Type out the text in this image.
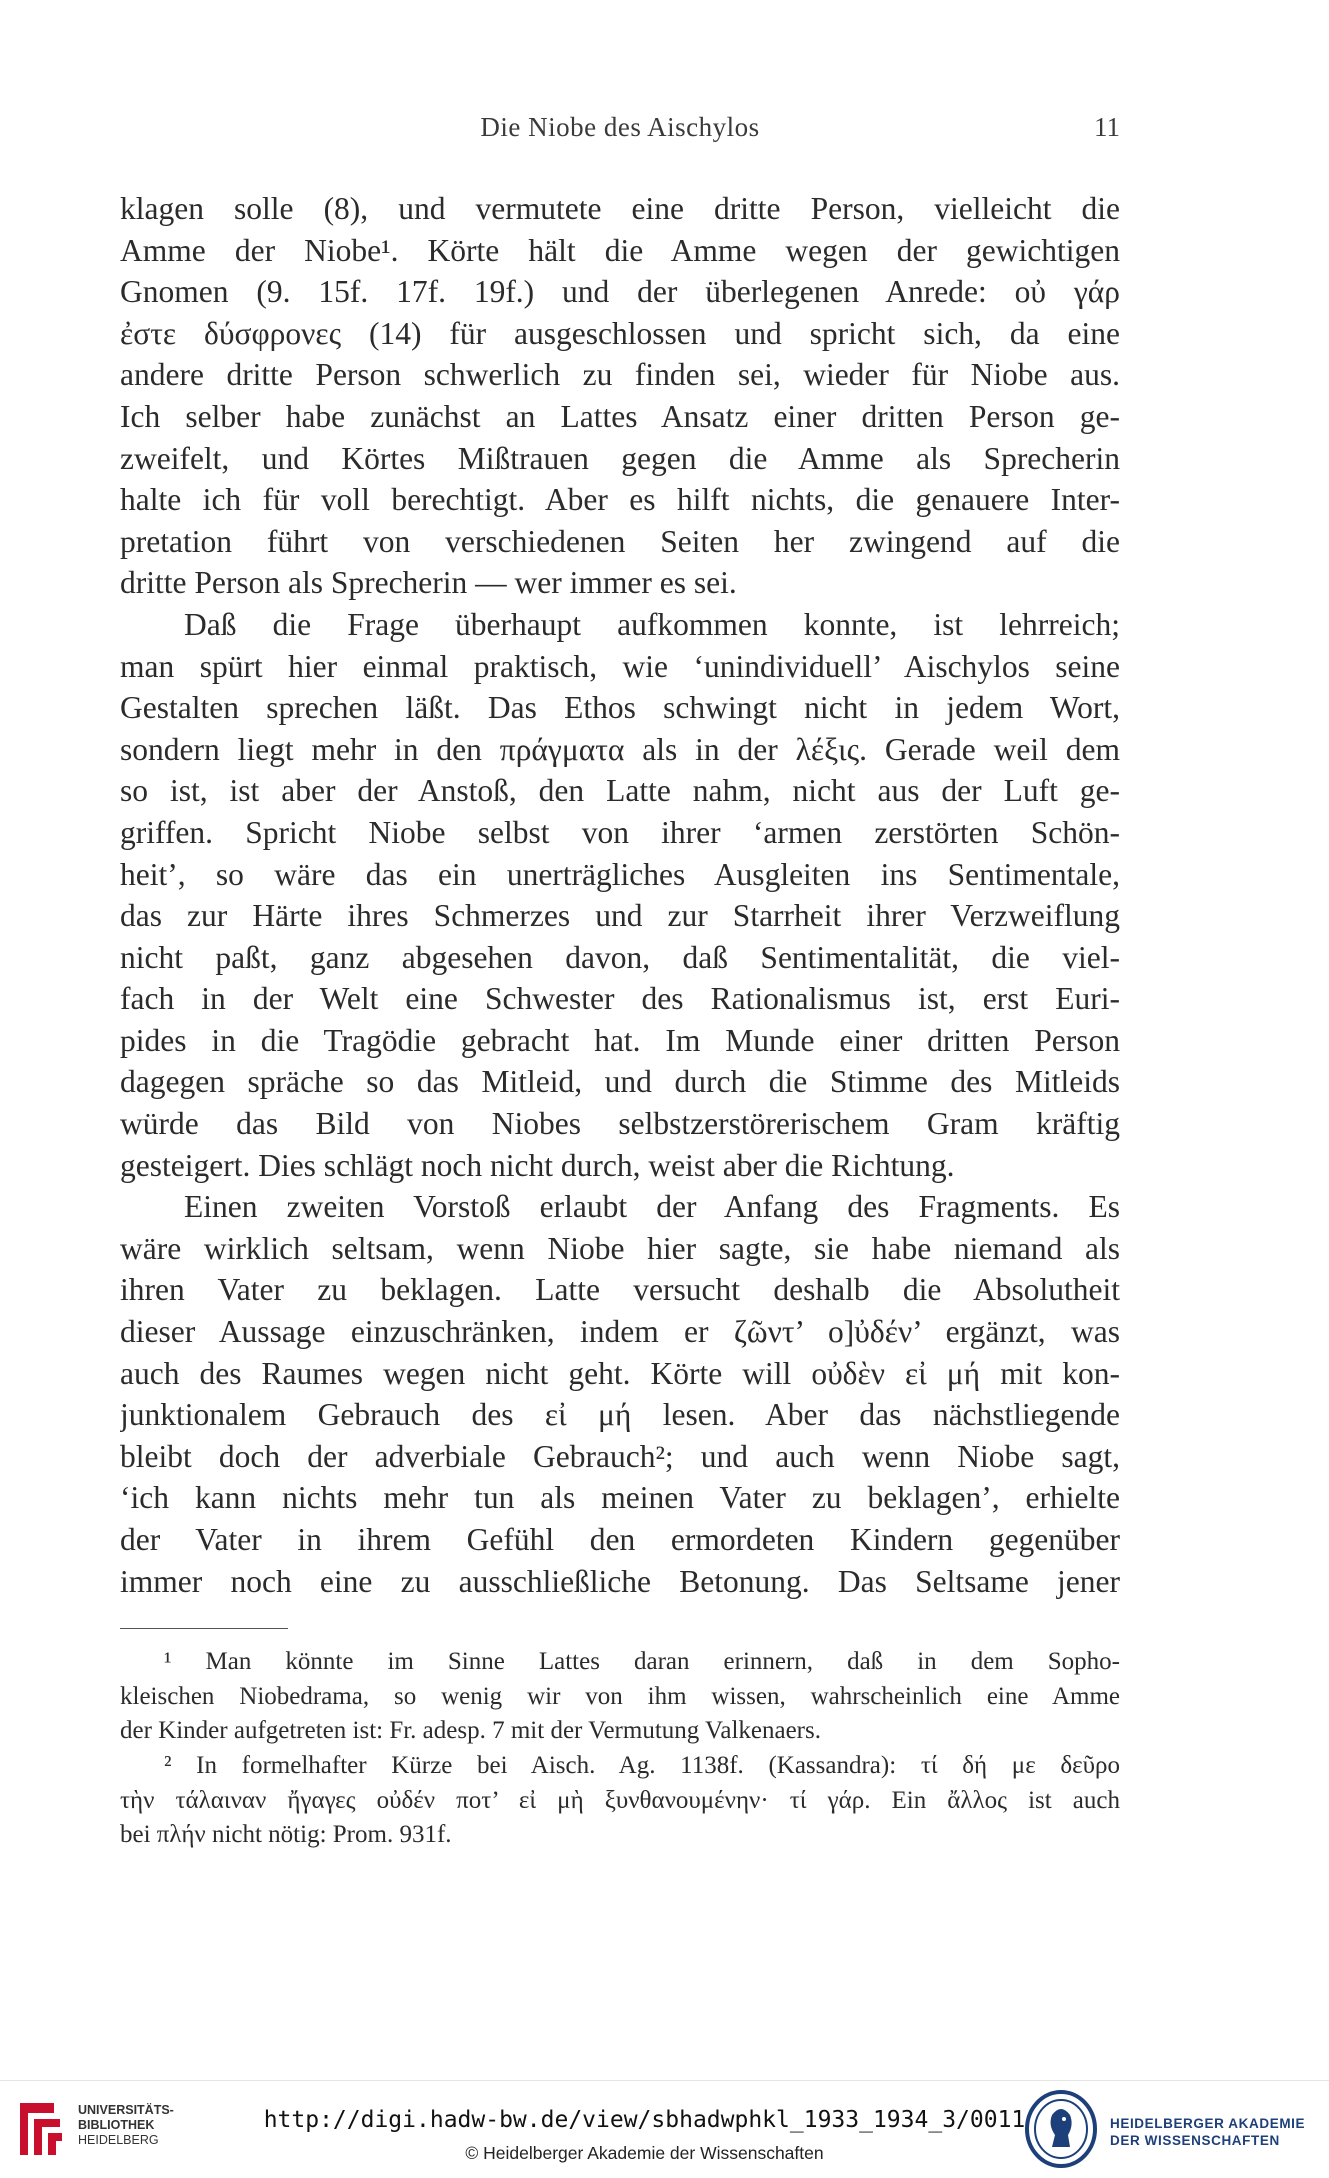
Die Niobe des Aischylos	11
klagen solle (8), und vermutete eine dritte Person, vielleicht die
Amme der Niobe¹. Körte hält die Amme wegen der gewichtigen
Gnomen (9. 15f. 17f. 19f.) und der überlegenen Anrede: οὐ γάρ
ἐστε δύσφρονες (14) für ausgeschlossen und spricht sich, da eine
andere dritte Person schwerlich zu finden sei, wieder für Niobe aus.
Ich selber habe zunächst an Lattes Ansatz einer dritten Person ge-
zweifelt, und Körtes Mißtrauen gegen die Amme als Sprecherin
halte ich für voll berechtigt. Aber es hilft nichts, die genauere Inter-
pretation führt von verschiedenen Seiten her zwingend auf die
dritte Person als Sprecherin — wer immer es sei.
Daß die Frage überhaupt aufkommen konnte, ist lehrreich;
man spürt hier einmal praktisch, wie ‘unindividuell’ Aischylos seine
Gestalten sprechen läßt. Das Ethos schwingt nicht in jedem Wort,
sondern liegt mehr in den πράγματα als in der λέξις. Gerade weil dem
so ist, ist aber der Anstoß, den Latte nahm, nicht aus der Luft ge-
griffen. Spricht Niobe selbst von ihrer ‘armen zerstörten Schön-
heit’, so wäre das ein unerträgliches Ausgleiten ins Sentimentale,
das zur Härte ihres Schmerzes und zur Starrheit ihrer Verzweiflung
nicht paßt, ganz abgesehen davon, daß Sentimentalität, die viel-
fach in der Welt eine Schwester des Rationalismus ist, erst Euri-
pides in die Tragödie gebracht hat. Im Munde einer dritten Person
dagegen spräche so das Mitleid, und durch die Stimme des Mitleids
würde das Bild von Niobes selbstzerstörerischem Gram kräftig
gesteigert. Dies schlägt noch nicht durch, weist aber die Richtung.
Einen zweiten Vorstoß erlaubt der Anfang des Fragments. Es
wäre wirklich seltsam, wenn Niobe hier sagte, sie habe niemand als
ihren Vater zu beklagen. Latte versucht deshalb die Absolutheit
dieser Aussage einzuschränken, indem er ζῶντ’ ο]ὐδέν’ ergänzt, was
auch des Raumes wegen nicht geht. Körte will οὐδὲν εἰ μή mit kon-
junktionalem Gebrauch des εἰ μή lesen. Aber das nächstliegende
bleibt doch der adverbiale Gebrauch²; und auch wenn Niobe sagt,
‘ich kann nichts mehr tun als meinen Vater zu beklagen’, erhielte
der Vater in ihrem Gefühl den ermordeten Kindern gegenüber
immer noch eine zu ausschließliche Betonung. Das Seltsame jener
¹ Man könnte im Sinne Lattes daran erinnern, daß in dem Sopho-
kleischen Niobedrama, so wenig wir von ihm wissen, wahrscheinlich eine Amme
der Kinder aufgetreten ist: Fr. adesp. 7 mit der Vermutung Valkenaers.
² In formelhafter Kürze bei Aisch. Ag. 1138f. (Kassandra): τί δή με δεῦρο
τὴν τάλαιναν ἤγαγες οὐδέν ποτ’ εἰ μὴ ξυνθανουμένην· τί γάρ. Ein ἄλλος ist auch
bei πλήν nicht nötig: Prom. 931f.
UNIVERSITÄTS-
BIBLIOTHEK
HEIDELBERG
http://digi.hadw-bw.de/view/sbhadwphkl_1933_1934_3/0011
© Heidelberger Akademie der Wissenschaften
HEIDELBERGER AKADEMIE
DER WISSENSCHAFTEN
